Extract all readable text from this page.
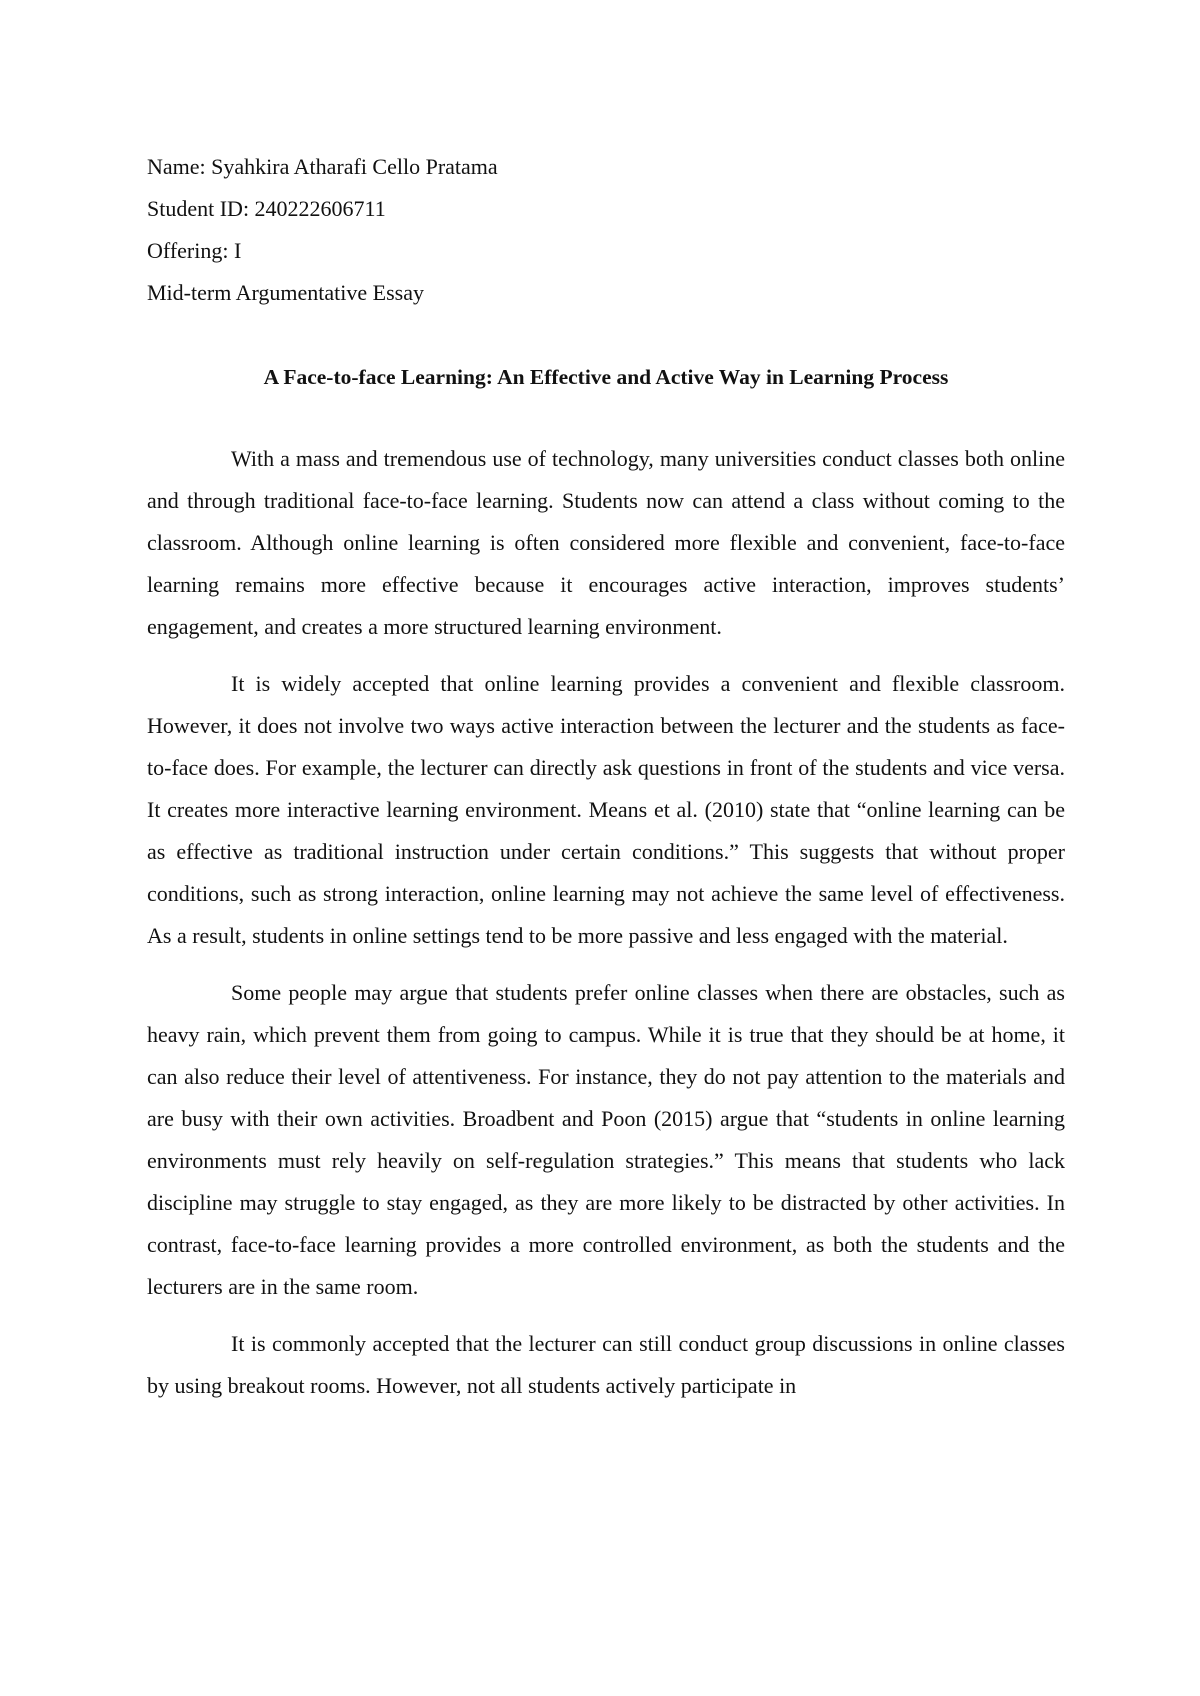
Name: Syahkira Atharafi Cello Pratama

Student ID: 240222606711

Offering: I

Mid-term Argumentative Essay

A Face-to-face Learning: An Effective and Active Way in Learning Process

With a mass and tremendous use of technology, many universities conduct classes both online and through traditional face-to-face learning. Students now can attend a class without coming to the classroom. Although online learning is often considered more flexible and convenient, face-to-face learning remains more effective because it encourages active interaction, improves students’ engagement, and creates a more structured learning environment.

It is widely accepted that online learning provides a convenient and flexible classroom. However, it does not involve two ways active interaction between the lecturer and the students as face-to-face does. For example, the lecturer can directly ask questions in front of the students and vice versa. It creates more interactive learning environment. Means et al. (2010) state that “online learning can be as effective as traditional instruction under certain conditions.” This suggests that without proper conditions, such as strong interaction, online learning may not achieve the same level of effectiveness. As a result, students in online settings tend to be more passive and less engaged with the material.

Some people may argue that students prefer online classes when there are obstacles, such as heavy rain, which prevent them from going to campus. While it is true that they should be at home, it can also reduce their level of attentiveness. For instance, they do not pay attention to the materials and are busy with their own activities. Broadbent and Poon (2015) argue that “students in online learning environments must rely heavily on self-regulation strategies.” This means that students who lack discipline may struggle to stay engaged, as they are more likely to be distracted by other activities. In contrast, face-to-face learning provides a more controlled environment, as both the students and the lecturers are in the same room.

It is commonly accepted that the lecturer can still conduct group discussions in online classes by using breakout rooms. However, not all students actively participate in
